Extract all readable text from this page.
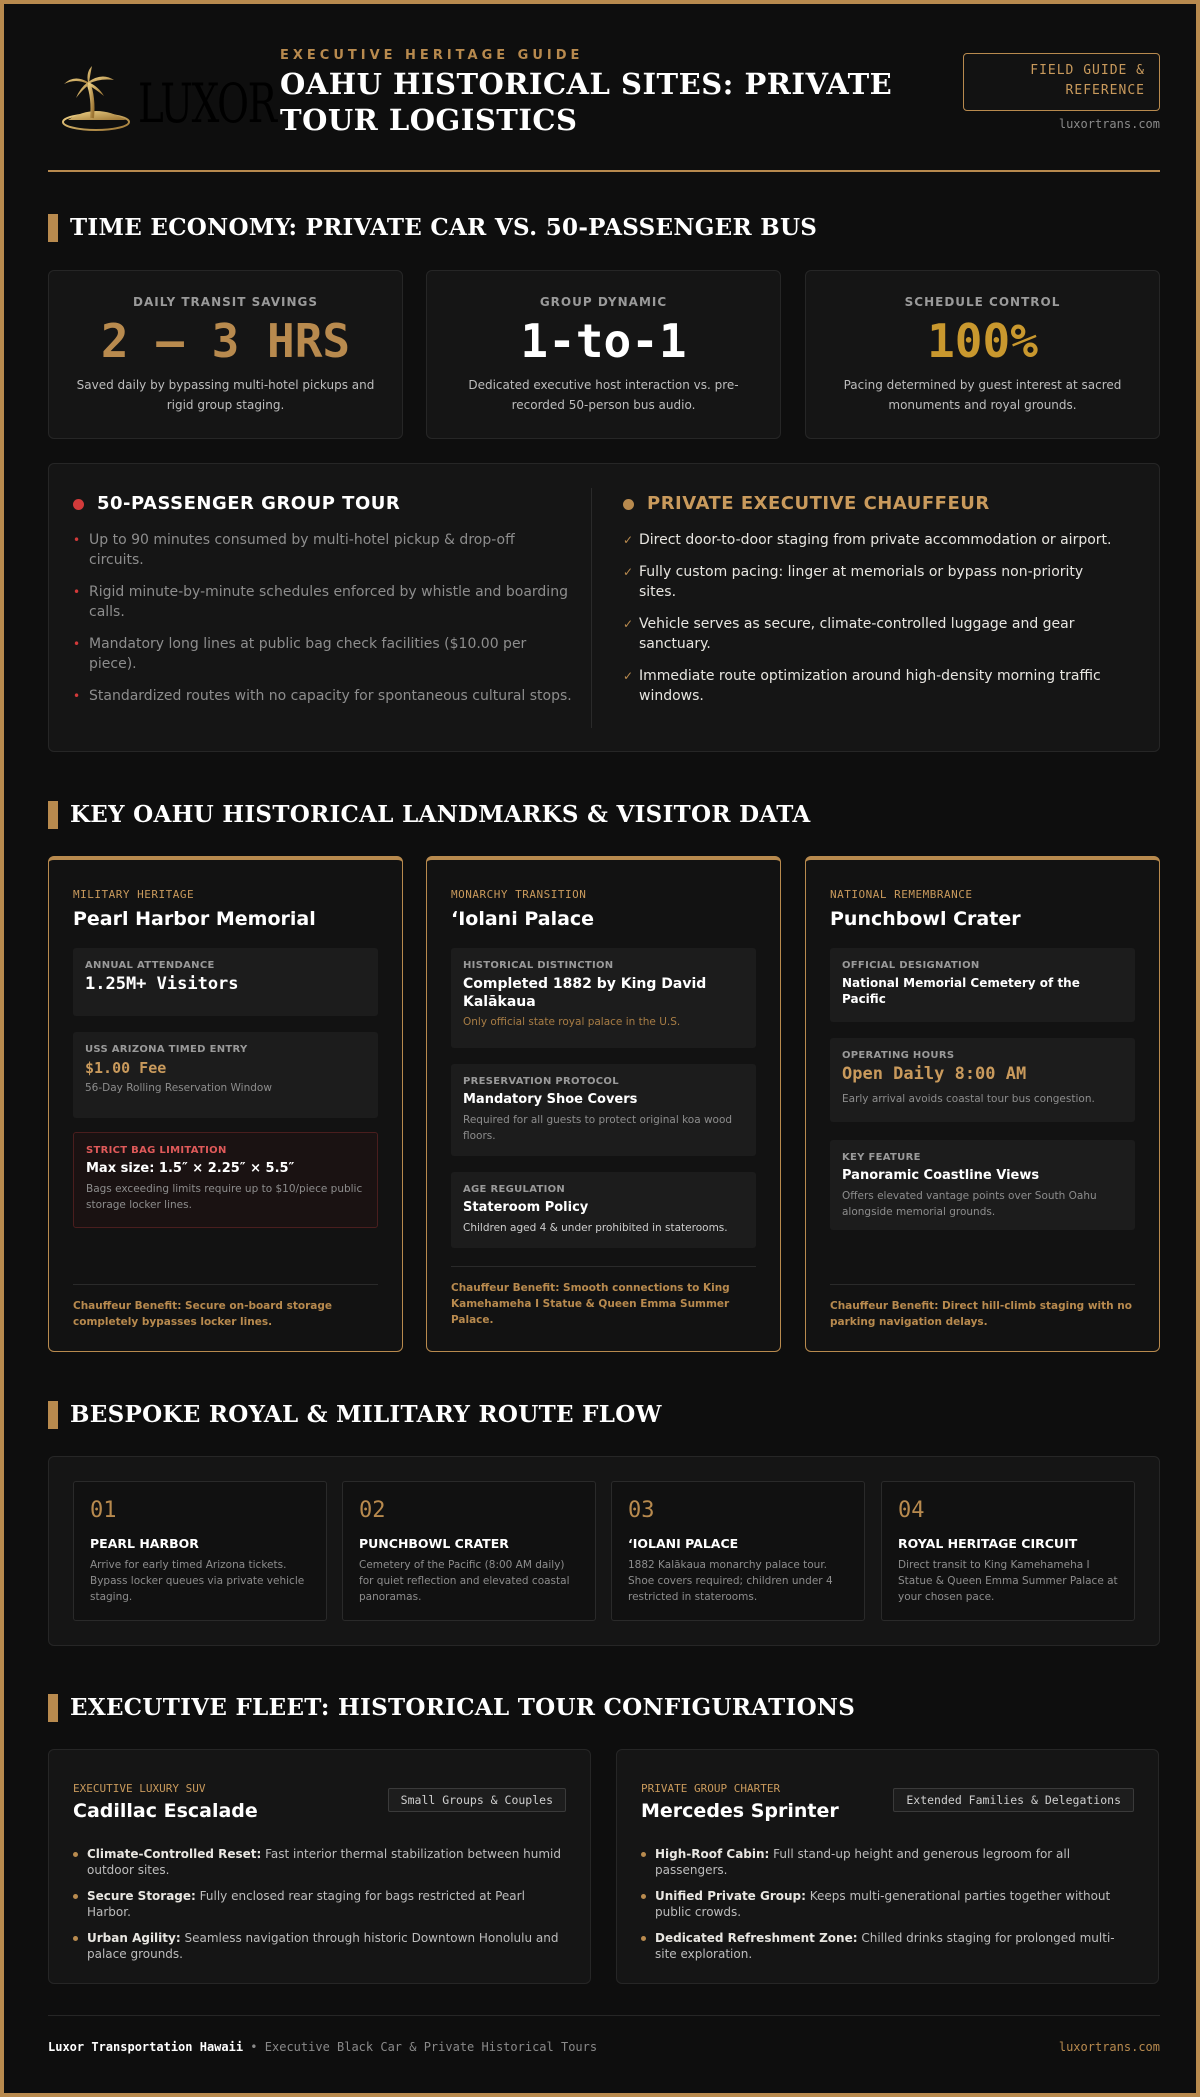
LUXOR
EXECUTIVE HERITAGE GUIDE
OAHU HISTORICAL SITES: PRIVATE TOUR LOGISTICS
FIELD GUIDE & REFERENCE
luxortrans.com
TIME ECONOMY: PRIVATE CAR VS. 50-PASSENGER BUS
DAILY TRANSIT SAVINGS
2 – 3 HRS
Saved daily by bypassing multi-hotel pickups and rigid group staging.
GROUP DYNAMIC
1-to-1
Dedicated executive host interaction vs. pre-recorded 50-person bus audio.
SCHEDULE CONTROL
100%
Pacing determined by guest interest at sacred monuments and royal grounds.
50-PASSENGER GROUP TOUR
• Up to 90 minutes consumed by multi-hotel pickup & drop-off circuits.
• Rigid minute-by-minute schedules enforced by whistle and boarding calls.
• Mandatory long lines at public bag check facilities ($10.00 per piece).
• Standardized routes with no capacity for spontaneous cultural stops.
PRIVATE EXECUTIVE CHAUFFEUR
✓ Direct door-to-door staging from private accommodation or airport.
✓ Fully custom pacing: linger at memorials or bypass non-priority sites.
✓ Vehicle serves as secure, climate-controlled luggage and gear sanctuary.
✓ Immediate route optimization around high-density morning traffic windows.
KEY OAHU HISTORICAL LANDMARKS & VISITOR DATA
MILITARY HERITAGE
Pearl Harbor Memorial
ANNUAL ATTENDANCE
1.25M+ Visitors
USS ARIZONA TIMED ENTRY
$1.00 Fee
56-Day Rolling Reservation Window
STRICT BAG LIMITATION
Max size: 1.5″ × 2.25″ × 5.5″
Bags exceeding limits require up to $10/piece public storage locker lines.
Chauffeur Benefit: Secure on-board storage completely bypasses locker lines.
MONARCHY TRANSITION
ʻIolani Palace
HISTORICAL DISTINCTION
Completed 1882 by King David Kalākaua
Only official state royal palace in the U.S.
PRESERVATION PROTOCOL
Mandatory Shoe Covers
Required for all guests to protect original koa wood floors.
AGE REGULATION
Stateroom Policy
Children aged 4 & under prohibited in staterooms.
Chauffeur Benefit: Smooth connections to King Kamehameha I Statue & Queen Emma Summer Palace.
NATIONAL REMEMBRANCE
Punchbowl Crater
OFFICIAL DESIGNATION
National Memorial Cemetery of the Pacific
OPERATING HOURS
Open Daily 8:00 AM
Early arrival avoids coastal tour bus congestion.
KEY FEATURE
Panoramic Coastline Views
Offers elevated vantage points over South Oahu alongside memorial grounds.
Chauffeur Benefit: Direct hill-climb staging with no parking navigation delays.
BESPOKE ROYAL & MILITARY ROUTE FLOW
01
PEARL HARBOR
Arrive for early timed Arizona tickets. Bypass locker queues via private vehicle staging.
02
PUNCHBOWL CRATER
Cemetery of the Pacific (8:00 AM daily) for quiet reflection and elevated coastal panoramas.
03
ʻIOLANI PALACE
1882 Kalākaua monarchy palace tour. Shoe covers required; children under 4 restricted in staterooms.
04
ROYAL HERITAGE CIRCUIT
Direct transit to King Kamehameha I Statue & Queen Emma Summer Palace at your chosen pace.
EXECUTIVE FLEET: HISTORICAL TOUR CONFIGURATIONS
EXECUTIVE LUXURY SUV
Cadillac Escalade	Small Groups & Couples
Climate-Controlled Reset: Fast interior thermal stabilization between humid outdoor sites.
Secure Storage: Fully enclosed rear staging for bags restricted at Pearl Harbor.
Urban Agility: Seamless navigation through historic Downtown Honolulu and palace grounds.
PRIVATE GROUP CHARTER
Mercedes Sprinter	Extended Families & Delegations
High-Roof Cabin: Full stand-up height and generous legroom for all passengers.
Unified Private Group: Keeps multi-generational parties together without public crowds.
Dedicated Refreshment Zone: Chilled drinks staging for prolonged multi-site exploration.
Luxor Transportation Hawaii • Executive Black Car & Private Historical Tours	luxortrans.com
